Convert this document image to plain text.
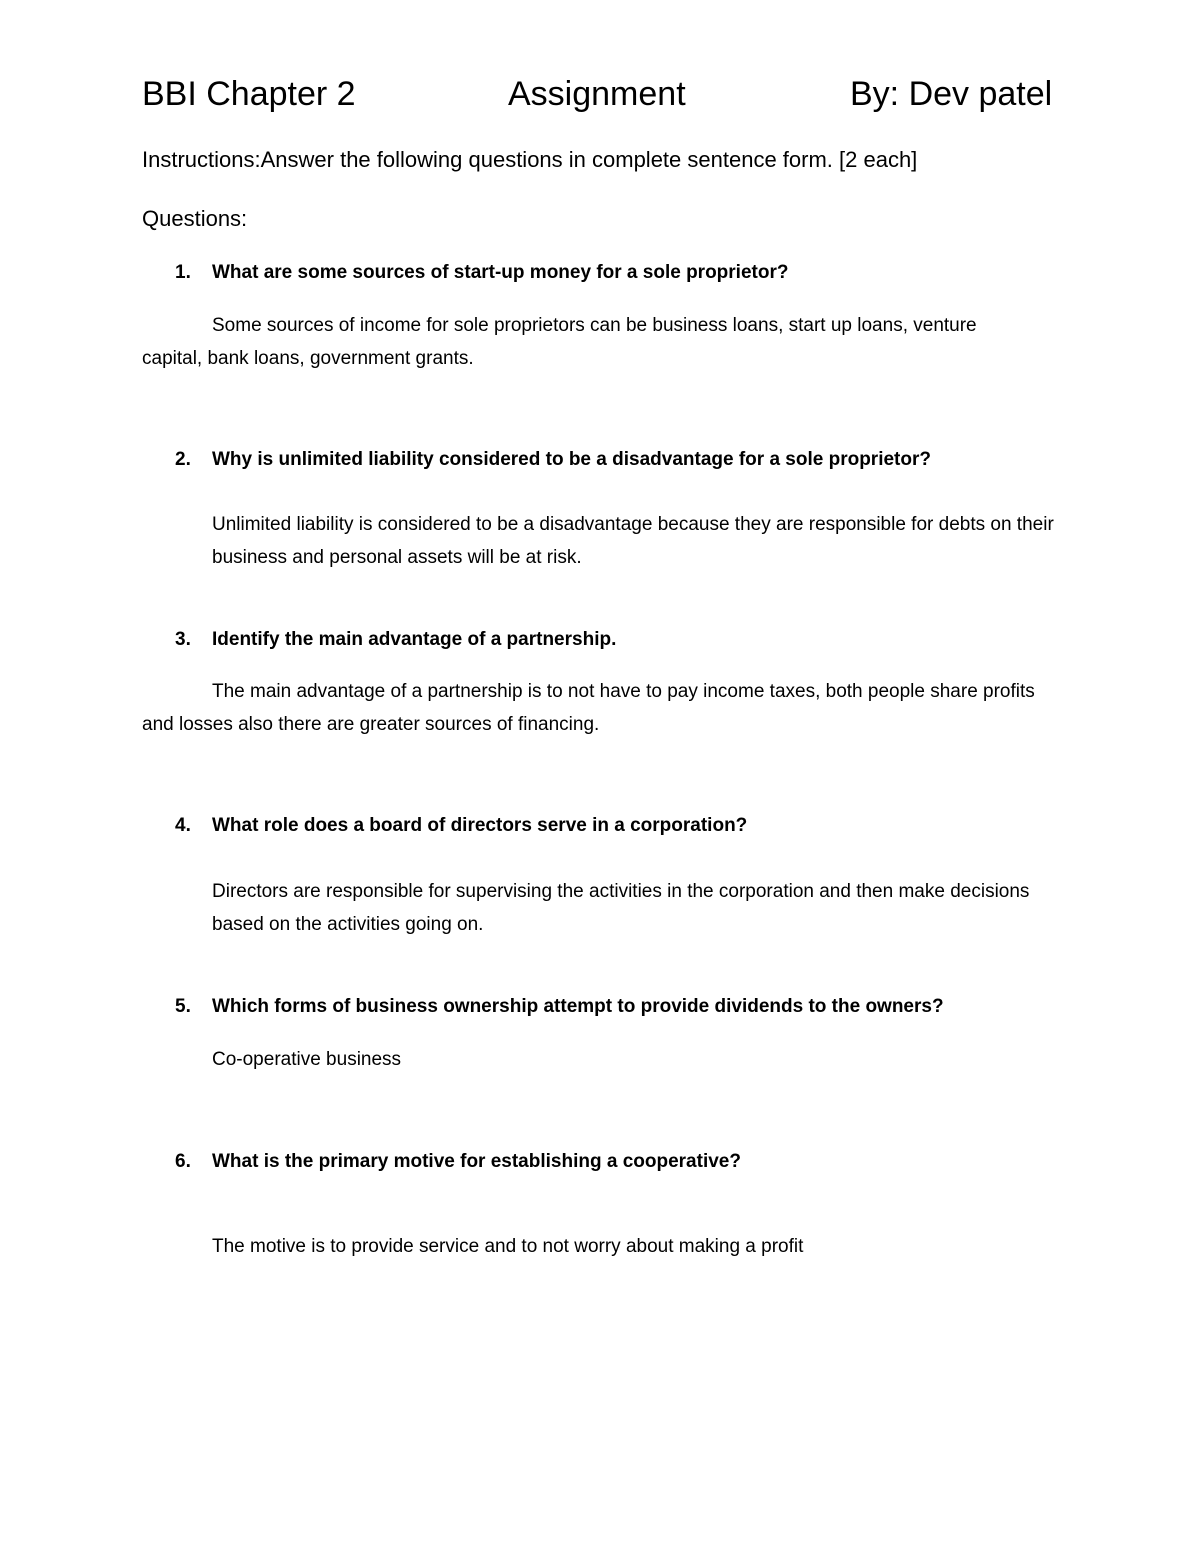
BBI Chapter 2	Assignment	By: Dev patel
Instructions:Answer the following questions in complete sentence form. [2 each]
Questions:
1. What are some sources of start-up money for a sole proprietor?
Some sources of income for sole proprietors can be business loans, start up loans, venture capital, bank loans, government grants.
2. Why is unlimited liability considered to be a disadvantage for a sole proprietor?
Unlimited liability is considered to be a disadvantage because they are responsible for debts on their business and personal assets will be at risk.
3. Identify the main advantage of a partnership.
The main advantage of a partnership is to not have to pay income taxes, both people share profits and losses also there are greater sources of financing.
4. What role does a board of directors serve in a corporation?
Directors are responsible for supervising the activities in the corporation and then make decisions based on the activities going on.
5. Which forms of business ownership attempt to provide dividends to the owners?
Co-operative business
6. What is the primary motive for establishing a cooperative?
The motive is to provide service and to not worry about making a profit
